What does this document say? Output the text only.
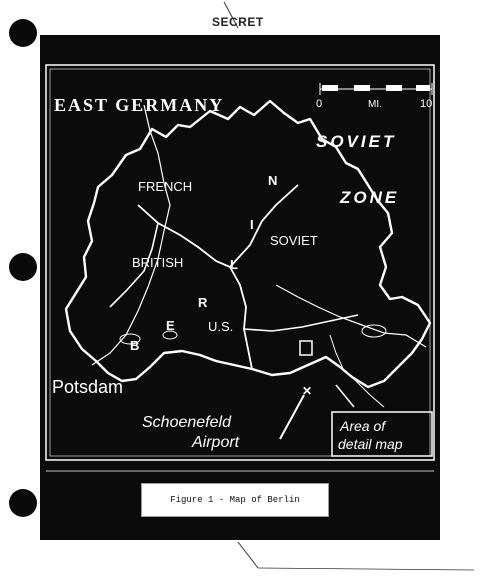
SECRET
EAST GERMANY	0	MI.	10
SOVIET
ZONE
FRENCH
BRITISH
SOVIET
U.S.
B
E
R
L
I
N
✕
Potsdam
Schoenefeld
Airport
Area of
detail map
Figure 1 - Map of Berlin
